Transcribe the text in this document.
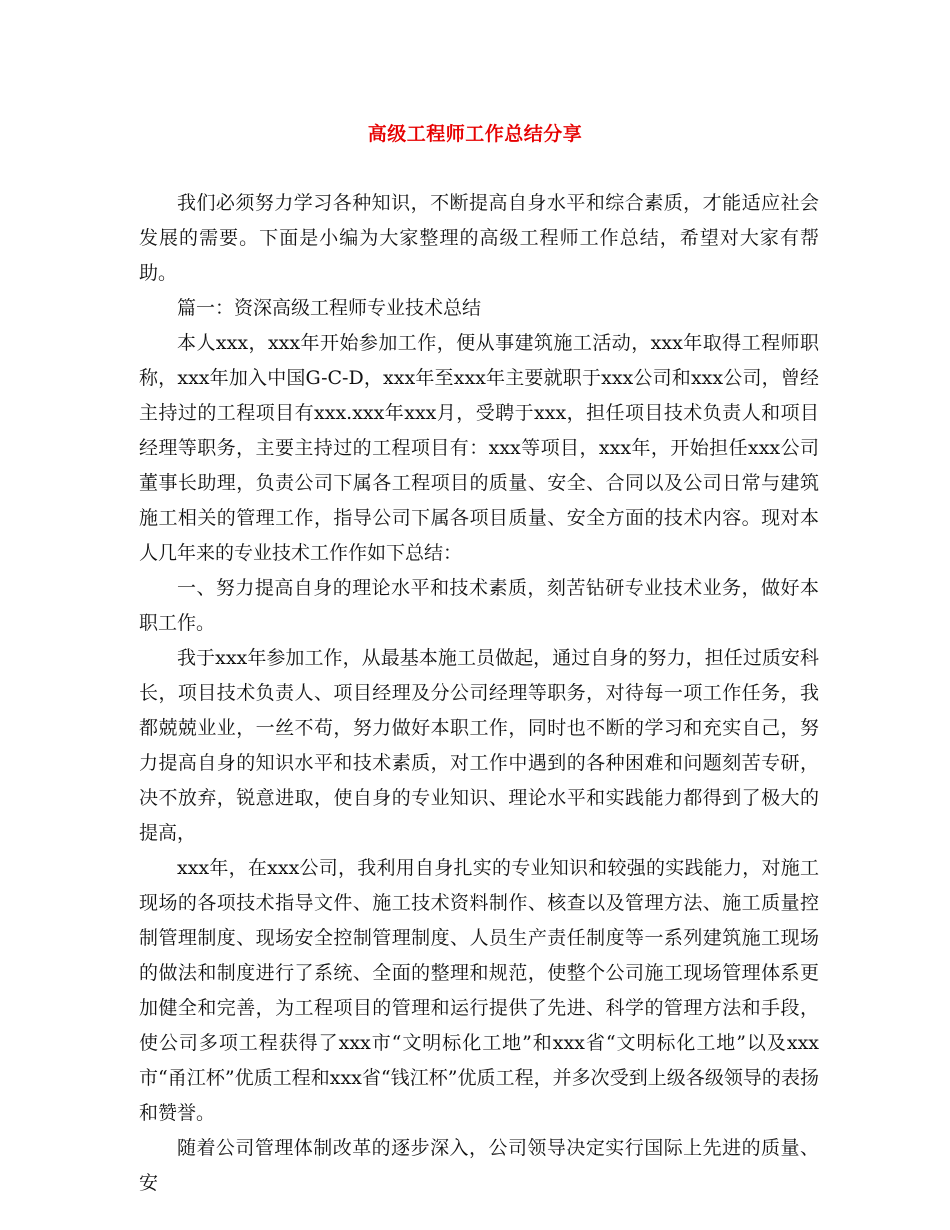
高级工程师工作总结分享

我们必须努力学习各种知识，不断提高自身水平和综合素质，才能适应社会发展的需要。下面是小编为大家整理的高级工程师工作总结，希望对大家有帮助。

篇一：资深高级工程师专业技术总结

本人xxx，xxx年开始参加工作，便从事建筑施工活动，xxx年取得工程师职称，xxx年加入中国G-C-D，xxx年至xxx年主要就职于xxx公司和xxx公司，曾经主持过的工程项目有xxx.xxx年xxx月，受聘于xxx，担任项目技术负责人和项目经理等职务，主要主持过的工程项目有：xxx等项目，xxx年，开始担任xxx公司董事长助理，负责公司下属各工程项目的质量、安全、合同以及公司日常与建筑施工相关的管理工作，指导公司下属各项目质量、安全方面的技术内容。现对本人几年来的专业技术工作作如下总结：

一、努力提高自身的理论水平和技术素质，刻苦钻研专业技术业务，做好本职工作。

我于xxx年参加工作，从最基本施工员做起，通过自身的努力，担任过质安科长，项目技术负责人、项目经理及分公司经理等职务，对待每一项工作任务，我都兢兢业业，一丝不苟，努力做好本职工作，同时也不断的学习和充实自己，努力提高自身的知识水平和技术素质，对工作中遇到的各种困难和问题刻苦专研，决不放弃，锐意进取，使自身的专业知识、理论水平和实践能力都得到了极大的提高，

xxx年，在xxx公司，我利用自身扎实的专业知识和较强的实践能力，对施工现场的各项技术指导文件、施工技术资料制作、核查以及管理方法、施工质量控制管理制度、现场安全控制管理制度、人员生产责任制度等一系列建筑施工现场的做法和制度进行了系统、全面的整理和规范，使整个公司施工现场管理体系更加健全和完善，为工程项目的管理和运行提供了先进、科学的管理方法和手段，使公司多项工程获得了xxx市“文明标化工地”和xxx省“文明标化工地”以及xxx市“甬江杯”优质工程和xxx省“钱江杯”优质工程，并多次受到上级各级领导的表扬和赞誉。

随着公司管理体制改革的逐步深入，公司领导决定实行国际上先进的质量、安
